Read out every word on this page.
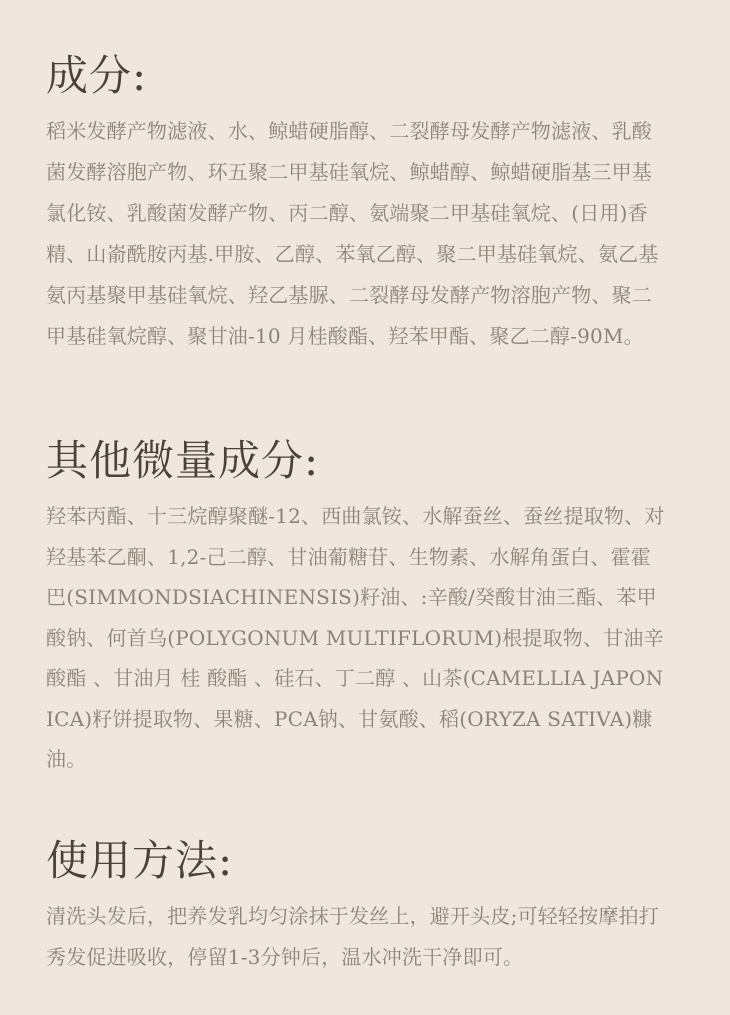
成分:

稻米发酵产物滤液、水、鲸蜡硬脂醇、二裂酵母发酵产物滤液、乳酸菌发酵溶胞产物、环五聚二甲基硅氧烷、鲸蜡醇、鲸蜡硬脂基三甲基氯化铵、乳酸菌发酵产物、丙二醇、氨端聚二甲基硅氧烷、(日用)香精、山嵛酰胺丙基.甲胺、乙醇、苯氧乙醇、聚二甲基硅氧烷、氨乙基氨丙基聚甲基硅氧烷、羟乙基脲、二裂酵母发酵产物溶胞产物、聚二甲基硅氧烷醇、聚甘油-10 月桂酸酯、羟苯甲酯、聚乙二醇-90M。

其他微量成分:

羟苯丙酯、十三烷醇聚醚-12、西曲氯铵、水解蚕丝、蚕丝提取物、对羟基苯乙酮、1,2-己二醇、甘油葡糖苷、生物素、水解角蛋白、霍霍巴(SIMMONDSIACHINENSIS)籽油、:辛酸/癸酸甘油三酯、苯甲酸钠、何首乌(POLYGONUM MULTIFLORUM)根提取物、甘油辛酸酯 、甘油月 桂 酸酯 、硅石、丁二醇 、山茶(CAMELLIA JAPONICA)籽饼提取物、果糖、PCA钠、甘氨酸、稻(ORYZA SATIVA)糠油。

使用方法:

清洗头发后，把养发乳均匀涂抹于发丝上，避开头皮;可轻轻按摩拍打秀发促进吸收，停留1-3分钟后，温水冲洗干净即可。
